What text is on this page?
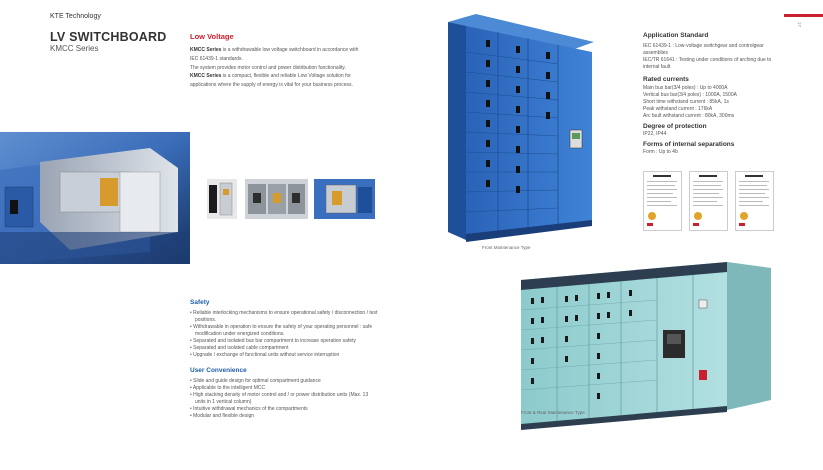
KTE Technology
LV SWITCHBOARD
KMCC Series
17
Low Voltage
KMCC Series is a withdrawable low voltage switchboard in accordance with
IEC 61439-1 standards.
The system provides motor control and power distribution functionality.
KMCC Series is a compact, flexible and reliable Low Voltage solution for
applications where the supply of energy is vital for your business process.
Safety
• Reliable interlocking mechanisms to ensure operational safety / disconnection / test positions.
• Withdrawable in operation to ensure the safety of your operating personnel : safe modification under energized conditions.
• Separated and isolated bus bar compartment to increase operation safety
• Separated and isolated cable compartment
• Upgrade / exchange of functional units without service interruption
User Convenience
• Slide and guide design for optimal compartment guidance
• Applicable to the intelligent MCC
• High stacking density of motor control and / or power distribution units (Max. 13 units in 1 vertical column)
• Intuitive withdrawal mechanics of the compartments
• Modular and flexible design
Front Maintenance Type
Application Standard
IEC 61439-1 : Low-voltage switchgear and controlgear assemblies
IEC/TR 61641 : Testing under conditions of arching due to internal fault
Rated currents
Main bus bar(3/4 poles) : Up to 4000A
Vertical bus bar(3/4 poles) : 1000A, 1500A
Short time withstand current : 85kA, 1s
Peak withstand current : 176kA
Arc fault withstand current : 80kA, 300ms
Degree of protection
IP22, IP44
Forms of internal separations
Form : Up to 4b
Front & Rear Maintenance Type
